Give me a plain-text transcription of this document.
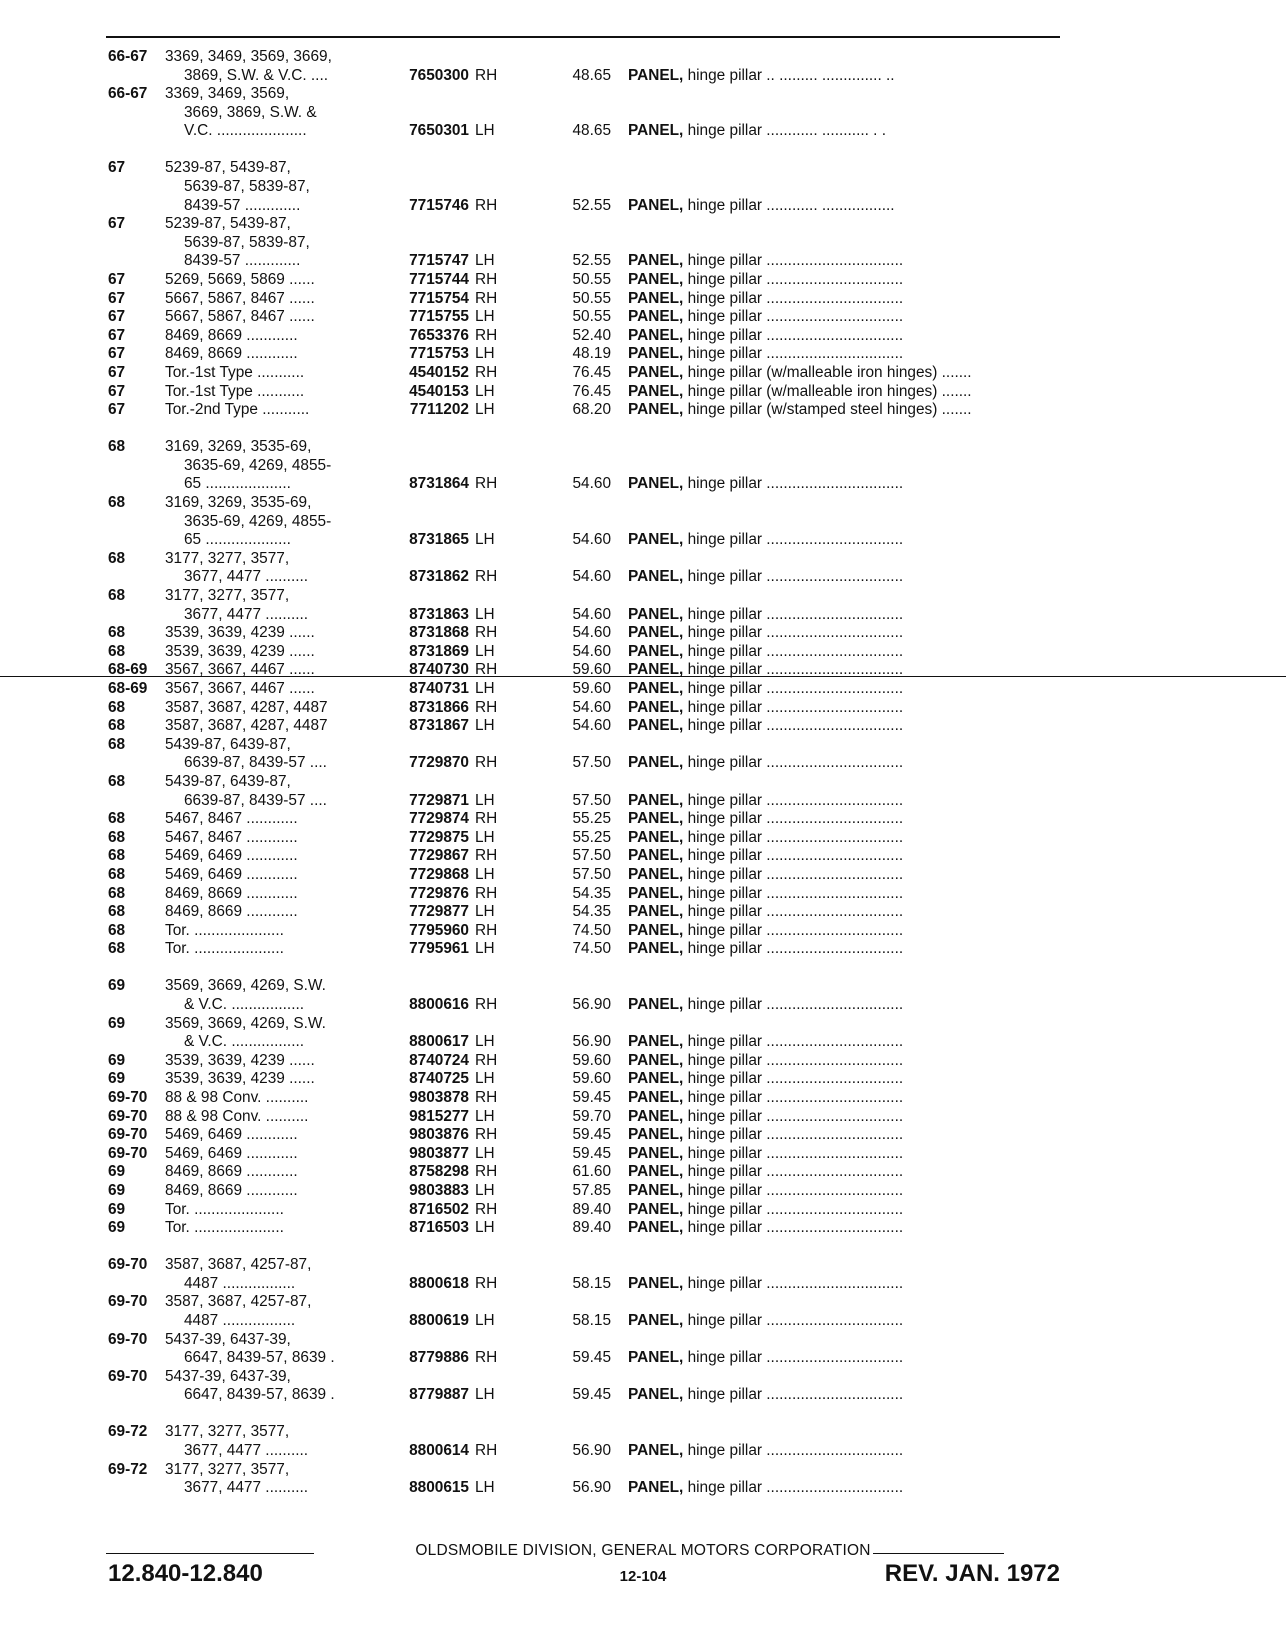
66-67 3369, 3469, 3569, 3669,
3869, S.W. & V.C. ....	7650300 RH	48.65 PANEL, hinge pillar .. ......... .............. ..
66-67 3369, 3469, 3569,
3669, 3869, S.W. &
V.C. .....................	7650301 LH	48.65 PANEL, hinge pillar ............ ........... . .
67	5239-87, 5439-87,
5639-87, 5839-87,
8439-57 .............	7715746 RH	52.55 PANEL, hinge pillar ............ .................
67	5239-87, 5439-87,
5639-87, 5839-87,
8439-57 .............	7715747 LH	52.55 PANEL, hinge pillar ................................
67	5269, 5669, 5869 ......	7715744 RH	50.55 PANEL, hinge pillar ................................
67	5667, 5867, 8467 ......	7715754 RH	50.55 PANEL, hinge pillar ................................
67	5667, 5867, 8467 ......	7715755 LH	50.55 PANEL, hinge pillar ................................
67	8469, 8669 ............	7653376 RH	52.40 PANEL, hinge pillar ................................
67	8469, 8669 ............	7715753 LH	48.19 PANEL, hinge pillar ................................
67	Tor.-1st Type ...........	4540152 RH	76.45 PANEL, hinge pillar (w/malleable iron hinges) .......
67	Tor.-1st Type ...........	4540153 LH	76.45 PANEL, hinge pillar (w/malleable iron hinges) .......
67	Tor.-2nd Type ...........	7711202 LH	68.20 PANEL, hinge pillar (w/stamped steel hinges) .......
68	3169, 3269, 3535-69,
3635-69, 4269, 4855-
65 ....................	8731864 RH	54.60 PANEL, hinge pillar ................................
68	3169, 3269, 3535-69,
3635-69, 4269, 4855-
65 ....................	8731865 LH	54.60 PANEL, hinge pillar ................................
68	3177, 3277, 3577,
3677, 4477 ..........	8731862 RH	54.60 PANEL, hinge pillar ................................
68	3177, 3277, 3577,
3677, 4477 ..........	8731863 LH	54.60 PANEL, hinge pillar ................................
68	3539, 3639, 4239 ......	8731868 RH	54.60 PANEL, hinge pillar ................................
68	3539, 3639, 4239 ......	8731869 LH	54.60 PANEL, hinge pillar ................................
68-69 3567, 3667, 4467 ......	8740730 RH	59.60 PANEL, hinge pillar ................................
68-69 3567, 3667, 4467 ......	8740731 LH	59.60 PANEL, hinge pillar ................................
68	3587, 3687, 4287, 4487	8731866 RH	54.60 PANEL, hinge pillar ................................
68	3587, 3687, 4287, 4487	8731867 LH	54.60 PANEL, hinge pillar ................................
68	5439-87, 6439-87,
6639-87, 8439-57 ....	7729870 RH	57.50 PANEL, hinge pillar ................................
68	5439-87, 6439-87,
6639-87, 8439-57 ....	7729871 LH	57.50 PANEL, hinge pillar ................................
68	5467, 8467 ............	7729874 RH	55.25 PANEL, hinge pillar ................................
68	5467, 8467 ............	7729875 LH	55.25 PANEL, hinge pillar ................................
68	5469, 6469 ............	7729867 RH	57.50 PANEL, hinge pillar ................................
68	5469, 6469 ............	7729868 LH	57.50 PANEL, hinge pillar ................................
68	8469, 8669 ............	7729876 RH	54.35 PANEL, hinge pillar ................................
68	8469, 8669 ............	7729877 LH	54.35 PANEL, hinge pillar ................................
68	Tor. .....................	7795960 RH	74.50 PANEL, hinge pillar ................................
68	Tor. .....................	7795961 LH	74.50 PANEL, hinge pillar ................................
69	3569, 3669, 4269, S.W.
& V.C. .................	8800616 RH	56.90 PANEL, hinge pillar ................................
69	3569, 3669, 4269, S.W.
& V.C. .................	8800617 LH	56.90 PANEL, hinge pillar ................................
69	3539, 3639, 4239 ......	8740724 RH	59.60 PANEL, hinge pillar ................................
69	3539, 3639, 4239 ......	8740725 LH	59.60 PANEL, hinge pillar ................................
69-70 88 & 98 Conv. ..........	9803878 RH	59.45 PANEL, hinge pillar ................................
69-70 88 & 98 Conv. ..........	9815277 LH	59.70 PANEL, hinge pillar ................................
69-70 5469, 6469 ............	9803876 RH	59.45 PANEL, hinge pillar ................................
69-70 5469, 6469 ............	9803877 LH	59.45 PANEL, hinge pillar ................................
69	8469, 8669 ............	8758298 RH	61.60 PANEL, hinge pillar ................................
69	8469, 8669 ............	9803883 LH	57.85 PANEL, hinge pillar ................................
69	Tor. .....................	8716502 RH	89.40 PANEL, hinge pillar ................................
69	Tor. .....................	8716503 LH	89.40 PANEL, hinge pillar ................................
69-70 3587, 3687, 4257-87,
4487 .................	8800618 RH	58.15 PANEL, hinge pillar ................................
69-70 3587, 3687, 4257-87,
4487 .................	8800619 LH	58.15 PANEL, hinge pillar ................................
69-70 5437-39, 6437-39,
6647, 8439-57, 8639 .	8779886 RH	59.45 PANEL, hinge pillar ................................
69-70 5437-39, 6437-39,
6647, 8439-57, 8639 .	8779887 LH	59.45 PANEL, hinge pillar ................................
69-72 3177, 3277, 3577,
3677, 4477 ..........	8800614 RH	56.90 PANEL, hinge pillar ................................
69-72 3177, 3277, 3577,
3677, 4477 ..........	8800615 LH	56.90 PANEL, hinge pillar ................................
OLDSMOBILE DIVISION, GENERAL MOTORS CORPORATION
12.840-12.840	12-104	REV. JAN. 1972
